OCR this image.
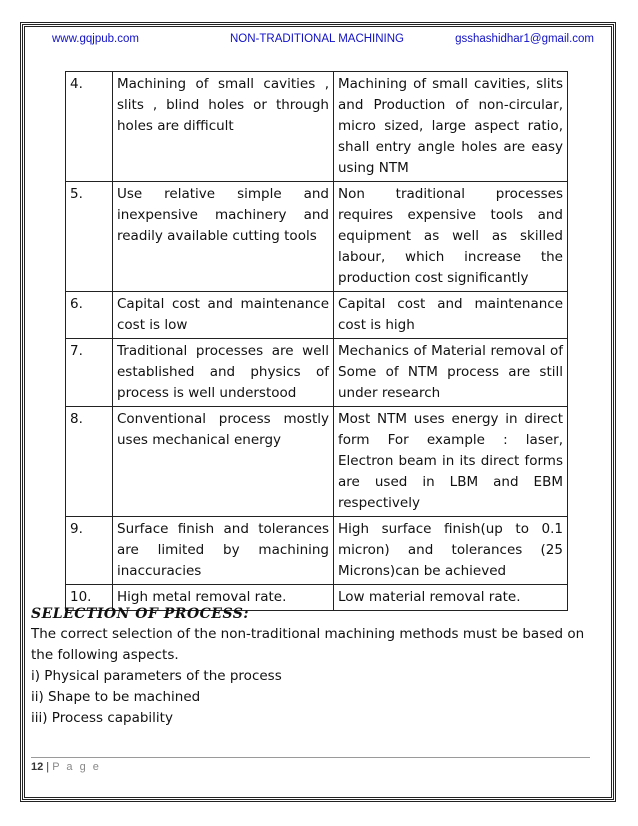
www.gqjpub.com	NON-TRADITIONAL MACHINING	gsshashidhar1@gmail.com
4.	Machining of small cavities , slits , blind holes or through holes are difficult	Machining of small cavities, slits and Production of non-circular, micro sized, large aspect ratio, shall entry angle holes are easy using NTM
5.	Use relative simple and inexpensive machinery and readily available cutting tools	Non traditional processes requires expensive tools and equipment as well as skilled labour, which increase the production cost significantly
6.	Capital cost and maintenance cost is low	Capital cost and maintenance cost is high
7.	Traditional processes are well established and physics of process is well understood	Mechanics of Material removal of Some of NTM process are still under research
8.	Conventional process mostly uses mechanical energy	Most NTM uses energy in direct form For example : laser, Electron beam in its direct forms are used in LBM and EBM respectively
9.	Surface finish and tolerances are limited by machining inaccuracies	High surface finish(up to 0.1 micron) and tolerances (25 Microns)can be achieved
10.	High metal removal rate.	Low material removal rate.
SELECTION OF PROCESS:
The correct selection of the non-traditional machining methods must be based on the following aspects.
i) Physical parameters of the process
ii) Shape to be machined
iii) Process capability
12 | P a g e
